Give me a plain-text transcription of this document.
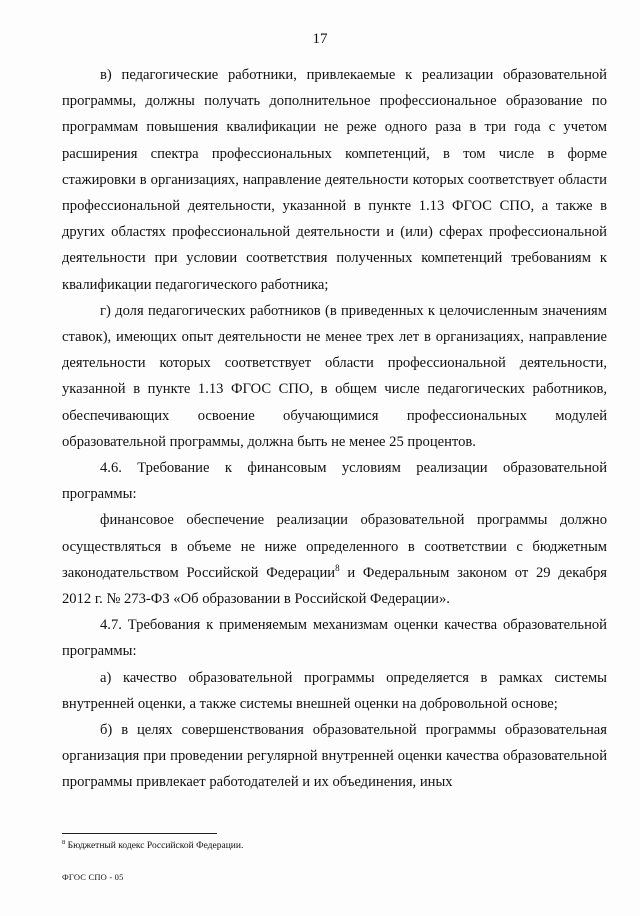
17

в) педагогические работники, привлекаемые к реализации образовательной программы, должны получать дополнительное профессиональное образование по программам повышения квалификации не реже одного раза в три года с учетом расширения спектра профессиональных компетенций, в том числе в форме стажировки в организациях, направление деятельности которых соответствует области профессиональной деятельности, указанной в пункте 1.13 ФГОС СПО, а также в других областях профессиональной деятельности и (или) сферах профессиональной деятельности при условии соответствия полученных компетенций требованиям к квалификации педагогического работника;

г) доля педагогических работников (в приведенных к целочисленным значениям ставок), имеющих опыт деятельности не менее трех лет в организациях, направление деятельности которых соответствует области профессиональной деятельности, указанной в пункте 1.13 ФГОС СПО, в общем числе педагогических работников, обеспечивающих освоение обучающимися профессиональных модулей образовательной программы, должна быть не менее 25 процентов.

4.6. Требование к финансовым условиям реализации образовательной программы:

финансовое обеспечение реализации образовательной программы должно осуществляться в объеме не ниже определенного в соответствии с бюджетным законодательством Российской Федерации$^8$ и Федеральным законом от 29 декабря 2012 г. № 273-ФЗ «Об образовании в Российской Федерации».

4.7. Требования к применяемым механизмам оценки качества образовательной программы:

а) качество образовательной программы определяется в рамках системы внутренней оценки, а также системы внешней оценки на добровольной основе;

б) в целях совершенствования образовательной программы образовательная организация при проведении регулярной внутренней оценки качества образовательной программы привлекает работодателей и их объединения, иных

$^8$ Бюджетный кодекс Российской Федерации.
ФГОС СПО - 05
